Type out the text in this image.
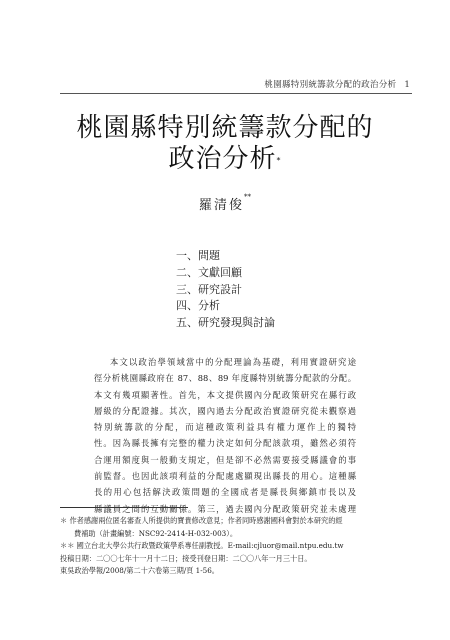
桃園縣特別統籌款分配的政治分析 1
桃園縣特別統籌款分配的
政治分析*
羅清俊**
一、問題
二、文獻回顧
三、研究設計
四、分析
五、研究發現與討論
本文以政治學領域當中的分配理論為基礎，利用實證研究途
徑分析桃園縣政府在 87、88、89 年度縣特別統籌分配款的分配。
本文有幾項顯著性。首先，本文提供國內分配政策研究在縣行政
層級的分配證據。其次，國內過去分配政治實證研究從未觀察過
特別統籌款的分配，而這種政策利益具有權力運作上的獨特
性。因為縣長擁有完整的權力決定如何分配該款項，雖然必須符
合運用額度與一般動支規定，但是卻不必然需要接受縣議會的事
前監督。也因此該項利益的分配處處顯現出縣長的用心。這種縣
長的用心包括解決政策問題的全國成者是縣長與鄉鎮市長以及
縣議員之間的互動關係。第三，過去國內分配政策研究並未處理
＊ 作者感謝兩位匿名審查人所提供的寶貴修改意見；作者同時感謝國科會對於本研究的經
費補助（計畫編號：NSC92-2414-H-032-003）。
＊＊ 國立台北大學公共行政暨政策學系專任副教授。E-mail:cjluor@mail.ntpu.edu.tw
投稿日期：二〇〇七年十一月十二日；接受刊登日期：二〇〇八年一月三十日。
東吳政治學報/2008/第二十六卷第三期/頁 1-56。
